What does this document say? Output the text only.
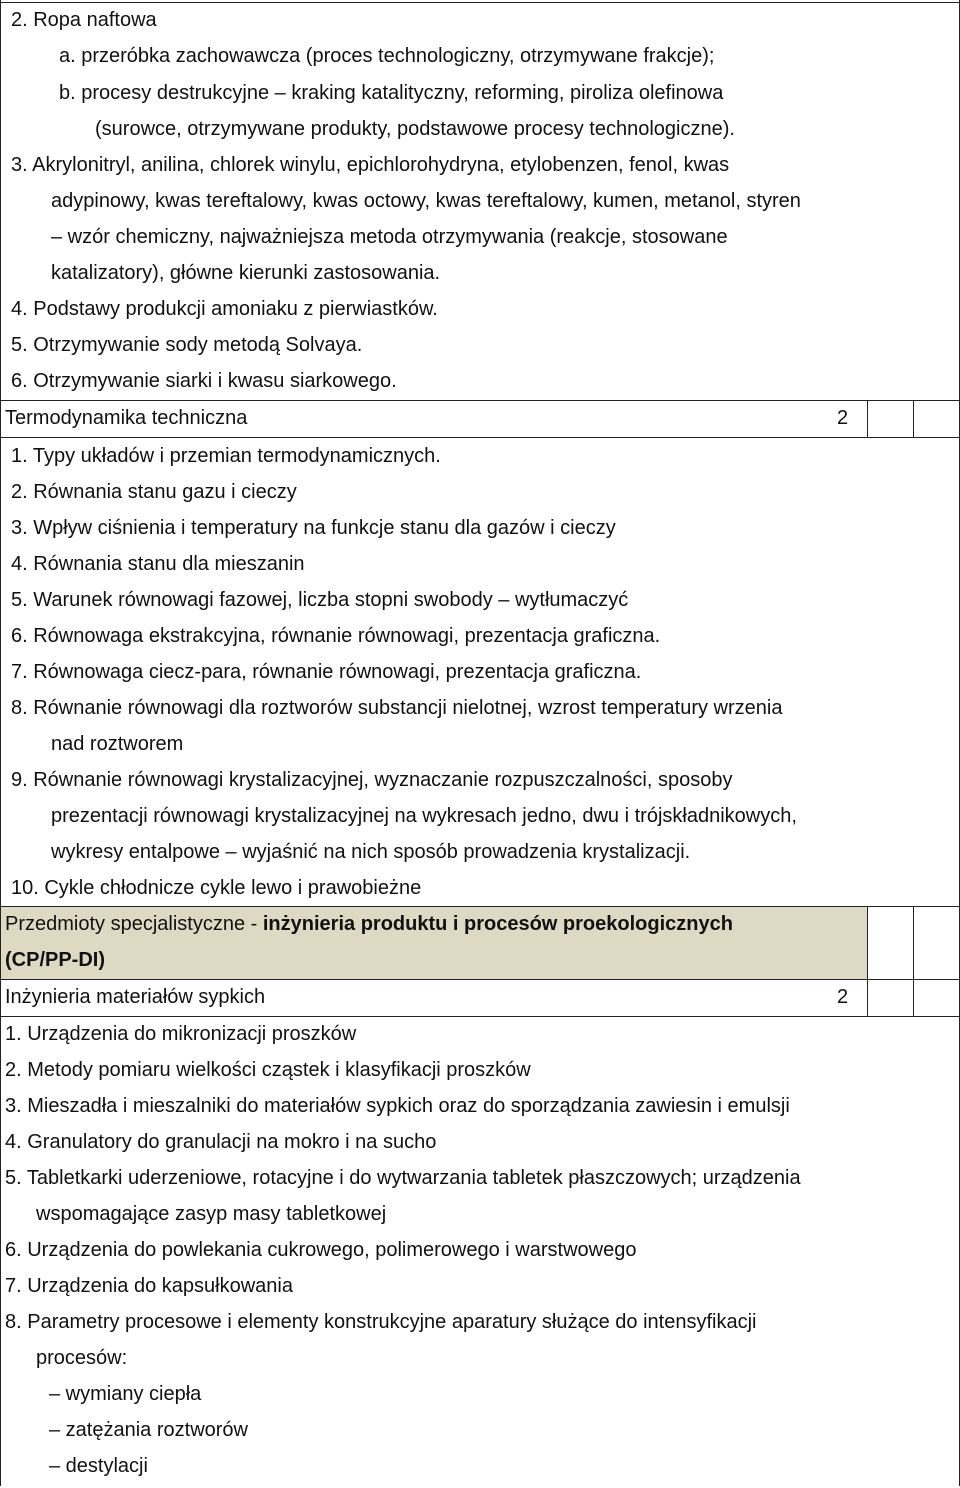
2. Ropa naftowa
a. przeróbka zachowawcza (proces technologiczny, otrzymywane frakcje);
b. procesy destrukcyjne – kraking katalityczny, reforming, piroliza olefinowa
(surowce, otrzymywane produkty, podstawowe procesy technologiczne).
3. Akrylonitryl, anilina, chlorek winylu, epichlorohydryna, etylobenzen, fenol, kwas
adypinowy, kwas tereftalowy, kwas octowy, kwas tereftalowy, kumen, metanol, styren
– wzór chemiczny, najważniejsza metoda otrzymywania (reakcje, stosowane
katalizatory), główne kierunki zastosowania.
4. Podstawy produkcji amoniaku z pierwiastków.
5. Otrzymywanie sody metodą Solvaya.
6. Otrzymywanie siarki i kwasu siarkowego.
Termodynamika techniczna	2
1. Typy układów i przemian termodynamicznych.
2. Równania stanu gazu i cieczy
3. Wpływ ciśnienia i temperatury na funkcje stanu dla gazów i cieczy
4. Równania stanu dla mieszanin
5. Warunek równowagi fazowej, liczba stopni swobody – wytłumaczyć
6. Równowaga ekstrakcyjna, równanie równowagi, prezentacja graficzna.
7. Równowaga ciecz-para, równanie równowagi, prezentacja graficzna.
8. Równanie równowagi dla roztworów substancji nielotnej, wzrost temperatury wrzenia
nad roztworem
9. Równanie równowagi krystalizacyjnej, wyznaczanie rozpuszczalności, sposoby
prezentacji równowagi krystalizacyjnej na wykresach jedno, dwu i trójskładnikowych,
wykresy entalpowe – wyjaśnić na nich sposób prowadzenia krystalizacji.
10. Cykle chłodnicze cykle lewo i prawobieżne
Przedmioty specjalistyczne - inżynieria produktu i procesów proekologicznych
(CP/PP-DI)
Inżynieria materiałów sypkich	2
1. Urządzenia do mikronizacji proszków
2. Metody pomiaru wielkości cząstek i klasyfikacji proszków
3. Mieszadła i mieszalniki do materiałów sypkich oraz do sporządzania zawiesin i emulsji
4. Granulatory do granulacji na mokro i na sucho
5. Tabletkarki uderzeniowe, rotacyjne i do wytwarzania tabletek płaszczowych; urządzenia
wspomagające zasyp masy tabletkowej
6. Urządzenia do powlekania cukrowego, polimerowego i warstwowego
7. Urządzenia do kapsułkowania
8. Parametry procesowe i elementy konstrukcyjne aparatury służące do intensyfikacji
procesów:
– wymiany ciepła
– zatężania roztworów
– destylacji
